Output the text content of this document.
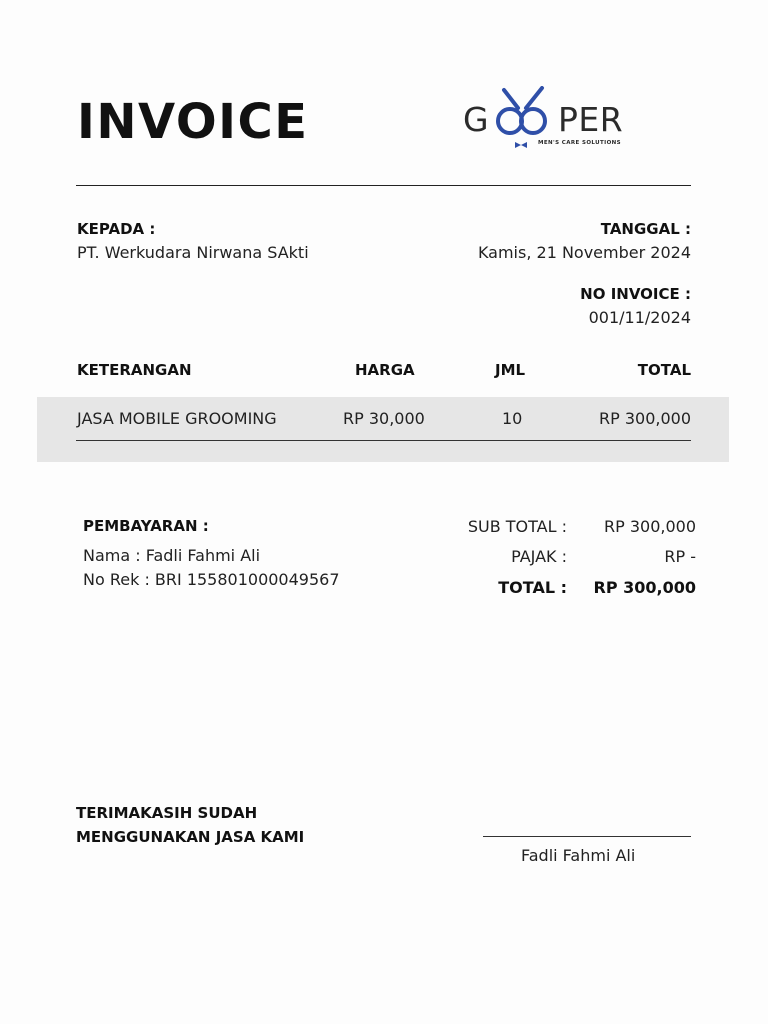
INVOICE	G PER
MEN'S CARE SOLUTIONS
KEPADA :
PT. Werkudara Nirwana SAkti
TANGGAL :
Kamis, 21 November 2024
NO INVOICE :
001/11/2024
KETERANGAN	HARGA	JML	TOTAL
JASA MOBILE GROOMING	RP 30,000	10	RP 300,000
PEMBAYARAN :
Nama : Fadli Fahmi Ali
No Rek : BRI 155801000049567
SUB TOTAL : RP 300,000
PAJAK :	RP -
TOTAL : RP 300,000
TERIMAKASIH SUDAH
MENGGUNAKAN JASA KAMI
Fadli Fahmi Ali
